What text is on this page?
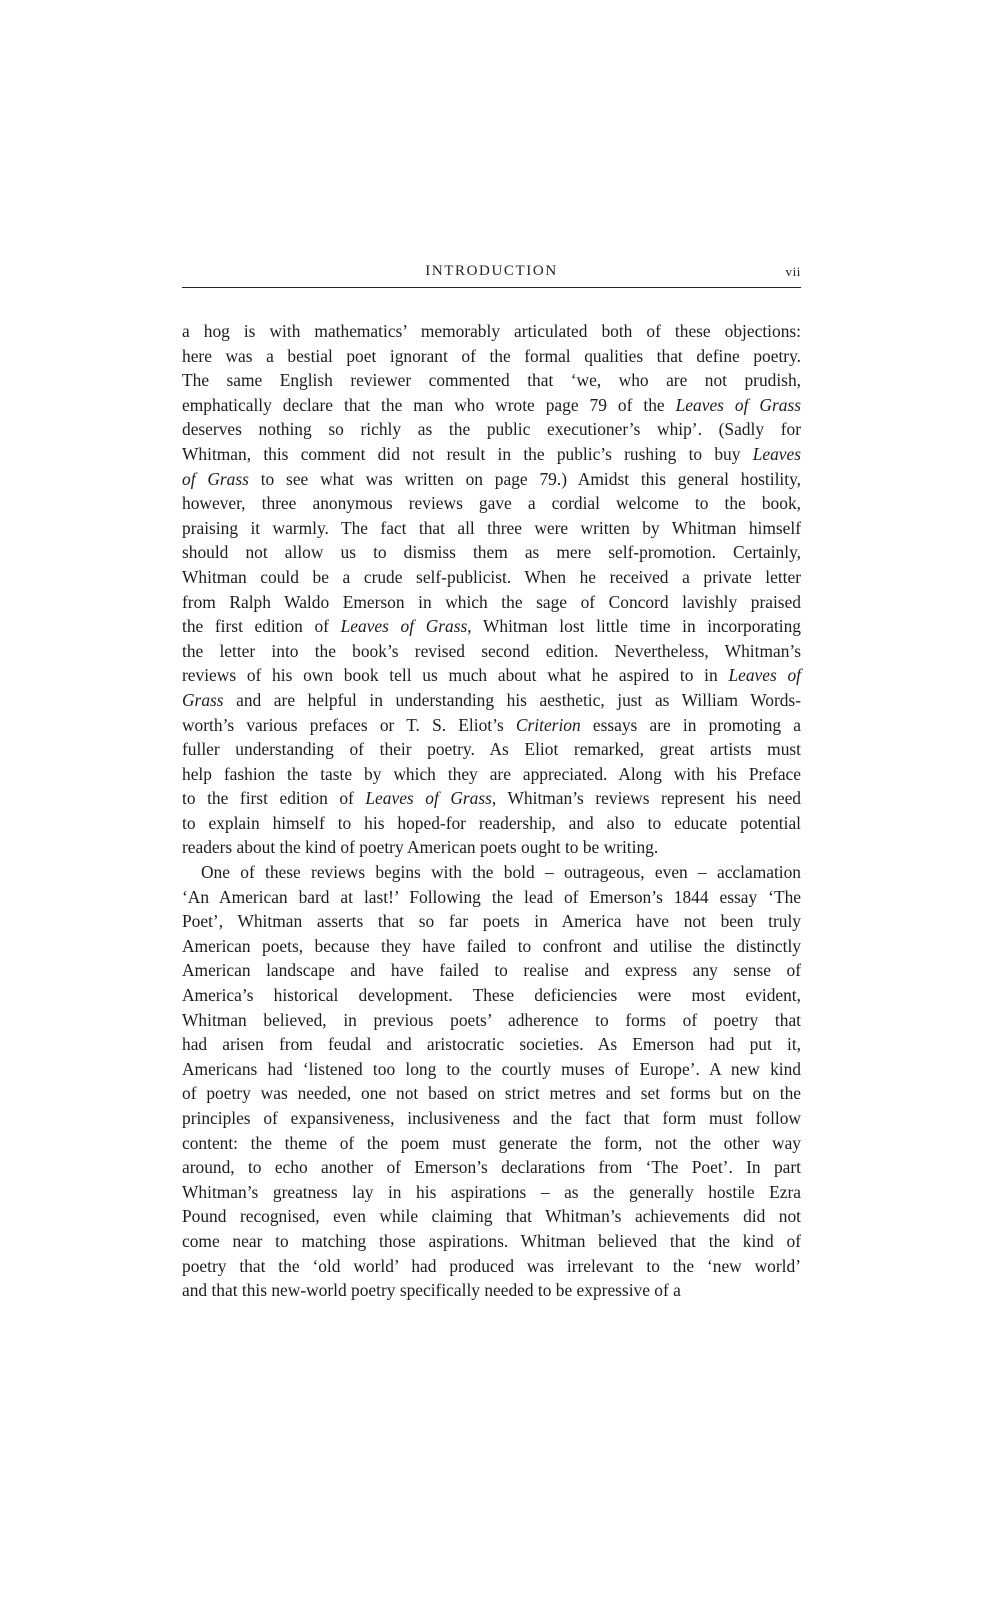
INTRODUCTION	vii
a hog is with mathematics’ memorably articulated both of these objections:
here was a bestial poet ignorant of the formal qualities that define poetry.
The same English reviewer commented that ‘we, who are not prudish,
emphatically declare that the man who wrote page 79 of the Leaves of Grass
deserves nothing so richly as the public executioner’s whip’. (Sadly for
Whitman, this comment did not result in the public’s rushing to buy Leaves
of Grass to see what was written on page 79.) Amidst this general hostility,
however, three anonymous reviews gave a cordial welcome to the book,
praising it warmly. The fact that all three were written by Whitman himself
should not allow us to dismiss them as mere self-promotion. Certainly,
Whitman could be a crude self-publicist. When he received a private letter
from Ralph Waldo Emerson in which the sage of Concord lavishly praised
the first edition of Leaves of Grass, Whitman lost little time in incorporating
the letter into the book’s revised second edition. Nevertheless, Whitman’s
reviews of his own book tell us much about what he aspired to in Leaves of
Grass and are helpful in understanding his aesthetic, just as William Words-
worth’s various prefaces or T. S. Eliot’s Criterion essays are in promoting a
fuller understanding of their poetry. As Eliot remarked, great artists must
help fashion the taste by which they are appreciated. Along with his Preface
to the first edition of Leaves of Grass, Whitman’s reviews represent his need
to explain himself to his hoped-for readership, and also to educate potential
readers about the kind of poetry American poets ought to be writing.
One of these reviews begins with the bold – outrageous, even – acclamation
‘An American bard at last!’ Following the lead of Emerson’s 1844 essay ‘The
Poet’, Whitman asserts that so far poets in America have not been truly
American poets, because they have failed to confront and utilise the distinctly
American landscape and have failed to realise and express any sense of
America’s historical development. These deficiencies were most evident,
Whitman believed, in previous poets’ adherence to forms of poetry that
had arisen from feudal and aristocratic societies. As Emerson had put it,
Americans had ‘listened too long to the courtly muses of Europe’. A new kind
of poetry was needed, one not based on strict metres and set forms but on the
principles of expansiveness, inclusiveness and the fact that form must follow
content: the theme of the poem must generate the form, not the other way
around, to echo another of Emerson’s declarations from ‘The Poet’. In part
Whitman’s greatness lay in his aspirations – as the generally hostile Ezra
Pound recognised, even while claiming that Whitman’s achievements did not
come near to matching those aspirations. Whitman believed that the kind of
poetry that the ‘old world’ had produced was irrelevant to the ‘new world’
and that this new-world poetry specifically needed to be expressive of a
